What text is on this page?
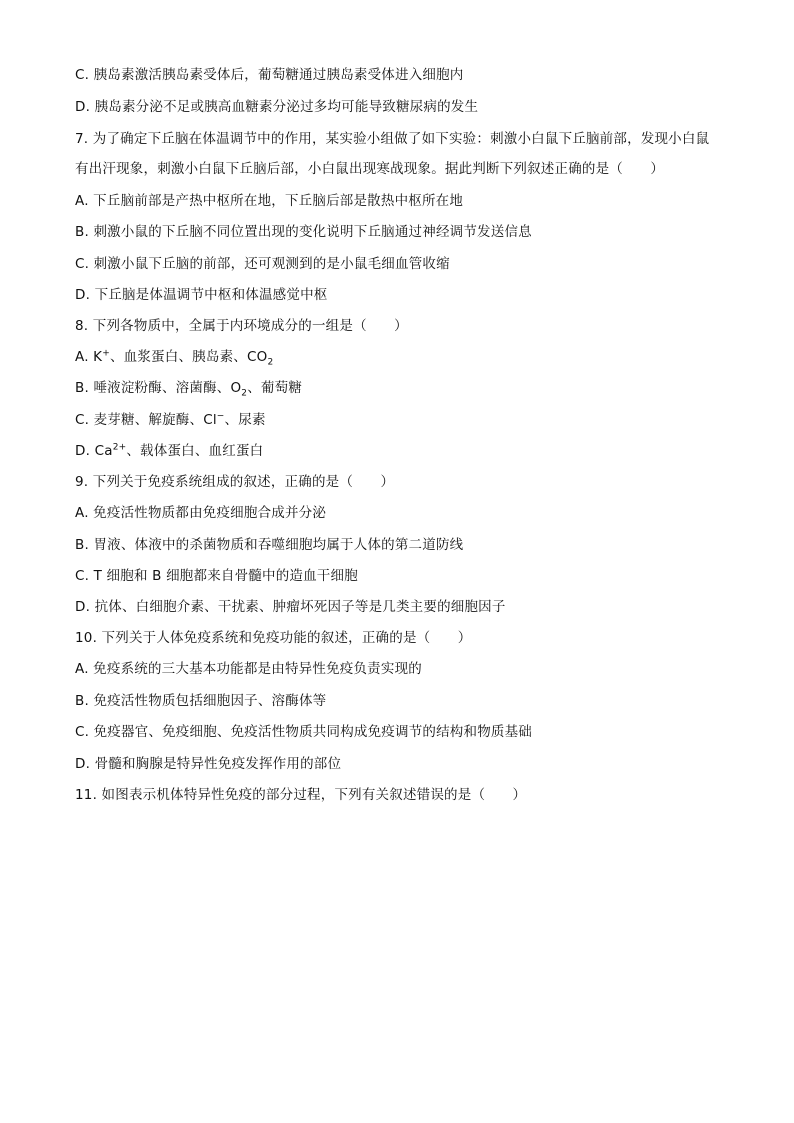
C. 胰岛素激活胰岛素受体后，葡萄糖通过胰岛素受体进入细胞内
D. 胰岛素分泌不足或胰高血糖素分泌过多均可能导致糖尿病的发生
7. 为了确定下丘脑在体温调节中的作用，某实验小组做了如下实验：刺激小白鼠下丘脑前部，发现小白鼠
有出汗现象，刺激小白鼠下丘脑后部，小白鼠出现寒战现象。据此判断下列叙述正确的是（　　）
A. 下丘脑前部是产热中枢所在地，下丘脑后部是散热中枢所在地
B. 刺激小鼠的下丘脑不同位置出现的变化说明下丘脑通过神经调节发送信息
C. 刺激小鼠下丘脑的前部，还可观测到的是小鼠毛细血管收缩
D. 下丘脑是体温调节中枢和体温感觉中枢
8. 下列各物质中，全属于内环境成分的一组是（　　）
A. K+、血浆蛋白、胰岛素、$CO_2$
B. 唾液淀粉酶、溶菌酶、$O_2$、葡萄糖
C. 麦芽糖、解旋酶、Cl−、尿素
D. $Ca^{2+}$、载体蛋白、血红蛋白
9. 下列关于免疫系统组成的叙述，正确的是（　　）
A. 免疫活性物质都由免疫细胞合成并分泌
B. 胃液、体液中的杀菌物质和吞噬细胞均属于人体的第二道防线
C. T 细胞和 B 细胞都来自骨髓中的造血干细胞
D. 抗体、白细胞介素、干扰素、肿瘤坏死因子等是几类主要的细胞因子
10. 下列关于人体免疫系统和免疫功能的叙述，正确的是（　　）
A. 免疫系统的三大基本功能都是由特异性免疫负责实现的
B. 免疫活性物质包括细胞因子、溶酶体等
C. 免疫器官、免疫细胞、免疫活性物质共同构成免疫调节的结构和物质基础
D. 骨髓和胸腺是特异性免疫发挥作用的部位
11. 如图表示机体特异性免疫的部分过程，下列有关叙述错误的是（　　）
